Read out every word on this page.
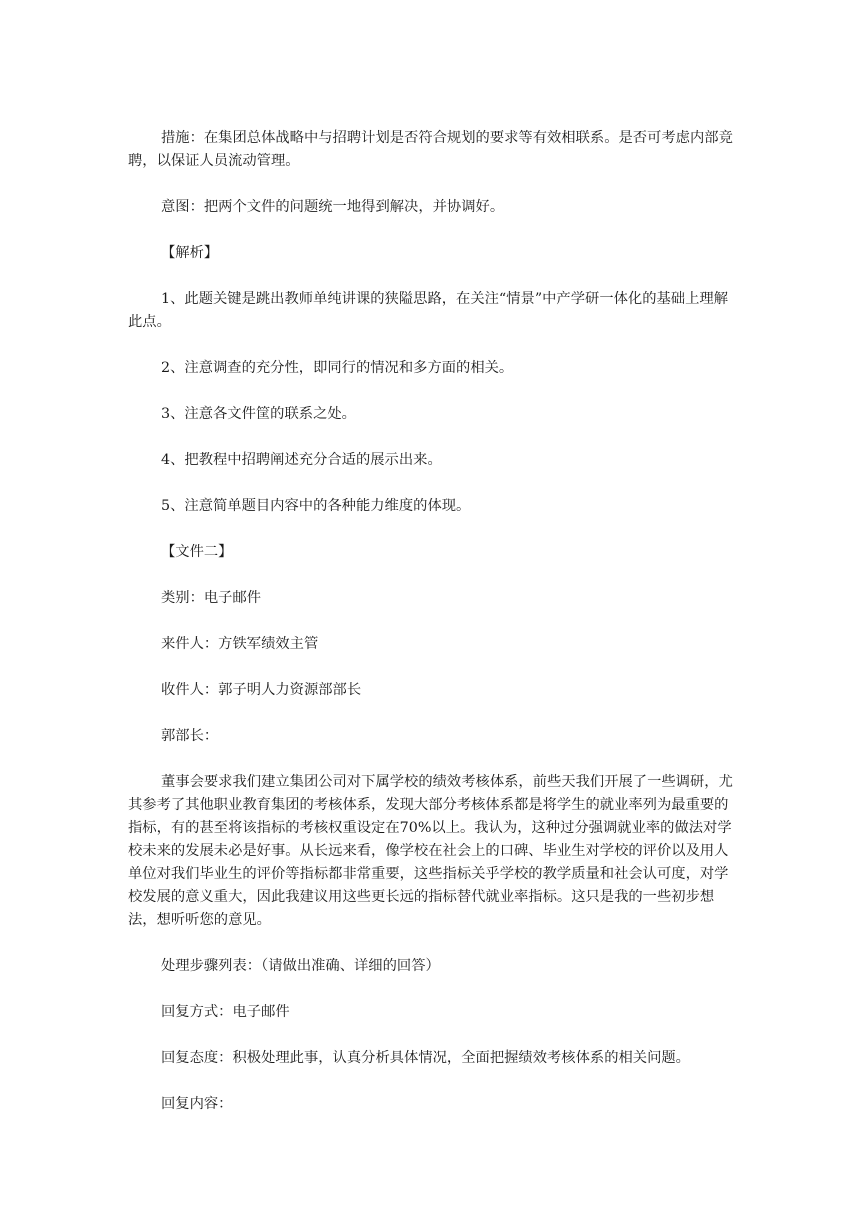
措施：在集团总体战略中与招聘计划是否符合规划的要求等有效相联系。是否可考虑内部竞聘，以保证人员流动管理。

意图：把两个文件的问题统一地得到解决，并协调好。

【解析】

1、此题关键是跳出教师单纯讲课的狭隘思路，在关注“情景”中产学研一体化的基础上理解此点。

2、注意调查的充分性，即同行的情况和多方面的相关。

3、注意各文件筐的联系之处。

4、把教程中招聘阐述充分合适的展示出来。

5、注意简单题目内容中的各种能力维度的体现。

【文件二】

类别：电子邮件

来件人：方铁军绩效主管

收件人：郭子明人力资源部部长

郭部长：

董事会要求我们建立集团公司对下属学校的绩效考核体系，前些天我们开展了一些调研，尤其参考了其他职业教育集团的考核体系，发现大部分考核体系都是将学生的就业率列为最重要的指标，有的甚至将该指标的考核权重设定在70%以上。我认为，这种过分强调就业率的做法对学校未来的发展未必是好事。从长远来看，像学校在社会上的口碑、毕业生对学校的评价以及用人单位对我们毕业生的评价等指标都非常重要，这些指标关乎学校的教学质量和社会认可度，对学校发展的意义重大，因此我建议用这些更长远的指标替代就业率指标。这只是我的一些初步想法，想听听您的意见。

处理步骤列表：（请做出准确、详细的回答）

回复方式：电子邮件

回复态度：积极处理此事，认真分析具体情况，全面把握绩效考核体系的相关问题。

回复内容：
